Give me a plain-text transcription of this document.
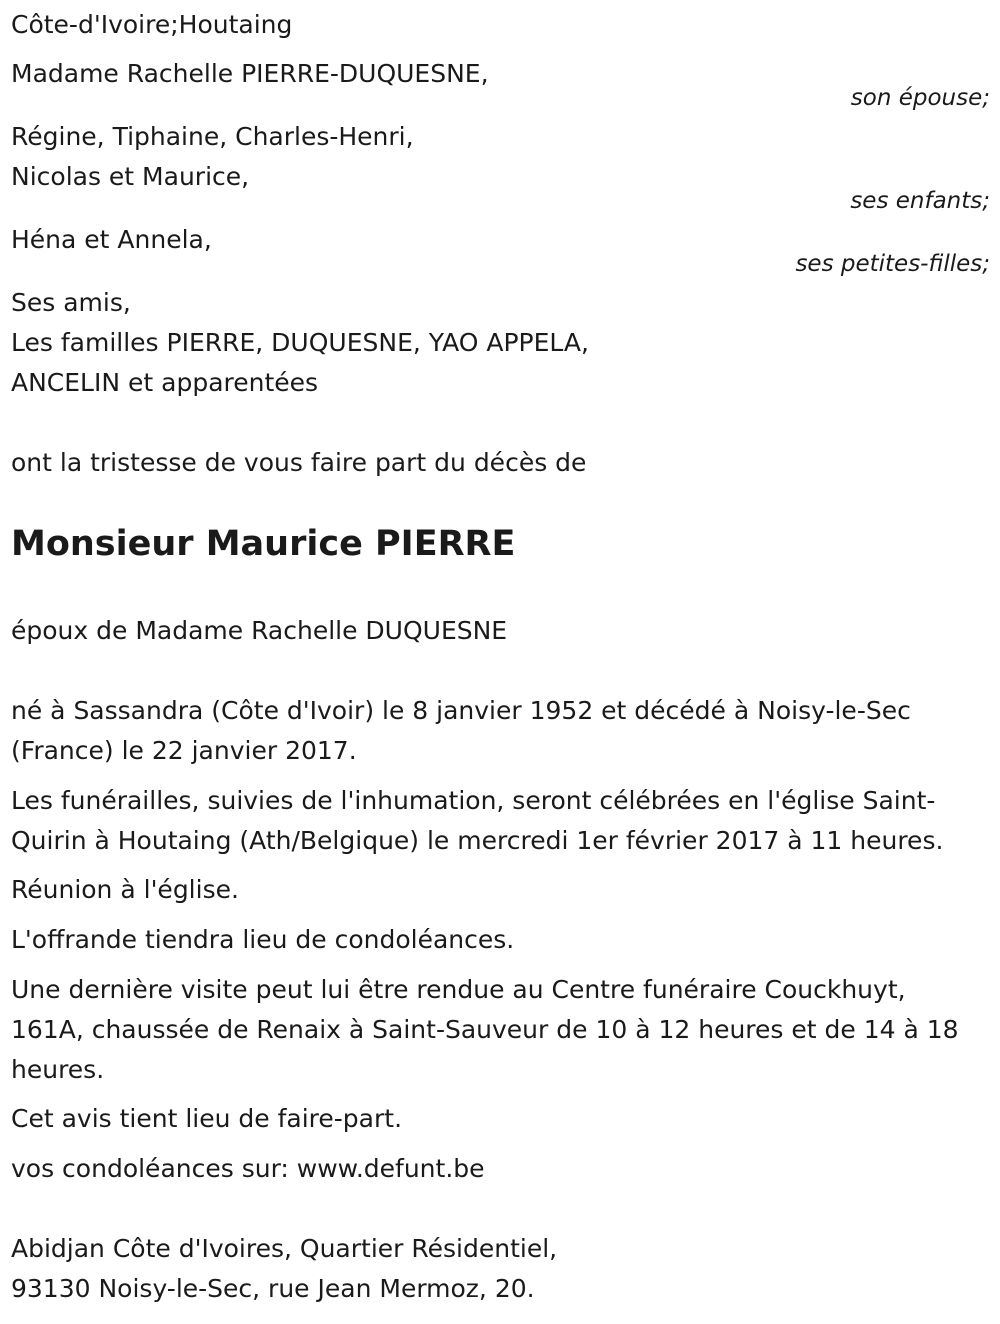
Côte-d'Ivoire;Houtaing
Madame Rachelle PIERRE-DUQUESNE,
son épouse;
Régine, Tiphaine, Charles-Henri,
Nicolas et Maurice,
ses enfants;
Héna et Annela,
ses petites-filles;
Ses amis,
Les familles PIERRE, DUQUESNE, YAO APPELA,
ANCELIN et apparentées
ont la tristesse de vous faire part du décès de
Monsieur Maurice PIERRE
époux de Madame Rachelle DUQUESNE
né à Sassandra (Côte d'Ivoir) le 8 janvier 1952 et décédé à Noisy-le-Sec
(France) le 22 janvier 2017.
Les funérailles, suivies de l'inhumation, seront célébrées en l'église Saint-
Quirin à Houtaing (Ath/Belgique) le mercredi 1er février 2017 à 11 heures.
Réunion à l'église.
L'offrande tiendra lieu de condoléances.
Une dernière visite peut lui être rendue au Centre funéraire Couckhuyt,
161A, chaussée de Renaix à Saint-Sauveur de 10 à 12 heures et de 14 à 18
heures.
Cet avis tient lieu de faire-part.
vos condoléances sur: www.defunt.be
Abidjan Côte d'Ivoires, Quartier Résidentiel,
93130 Noisy-le-Sec, rue Jean Mermoz, 20.
